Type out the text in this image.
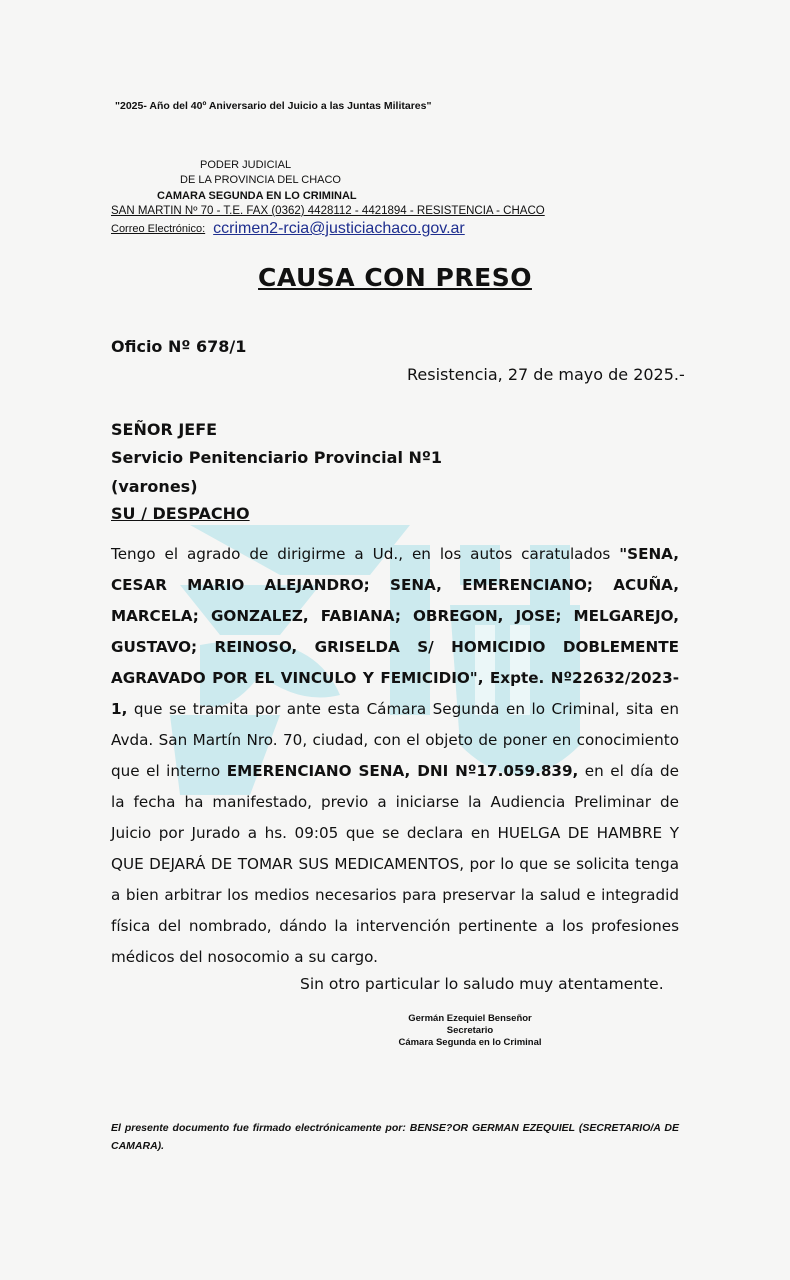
"2025- Año del 40º Aniversario del Juicio a las Juntas Militares"
PODER JUDICIAL
DE LA PROVINCIA DEL CHACO
CAMARA SEGUNDA EN LO CRIMINAL
SAN MARTIN Nº 70 - T.E. FAX (0362) 4428112 - 4421894 - RESISTENCIA - CHACO
Correo Electrónico: ccrimen2-rcia@justiciachaco.gov.ar
CAUSA CON PRESO
Oficio Nº 678/1
Resistencia, 27 de mayo de 2025.-
SEÑOR JEFE
Servicio Penitenciario Provincial Nº1
(varones)
SU / DESPACHO
Tengo el agrado de dirigirme a Ud., en los autos caratulados "SENA, CESAR MARIO ALEJANDRO; SENA, EMERENCIANO; ACUÑA, MARCELA; GONZALEZ, FABIANA; OBREGON, JOSE; MELGAREJO, GUSTAVO; REINOSO, GRISELDA S/ HOMICIDIO DOBLEMENTE AGRAVADO POR EL VINCULO Y FEMICIDIO", Expte. Nº22632/2023-1, que se tramita por ante esta Cámara Segunda en lo Criminal, sita en Avda. San Martín Nro. 70, ciudad, con el objeto de poner en conocimiento que el interno EMERENCIANO SENA, DNI Nº17.059.839, en el día de la fecha ha manifestado, previo a iniciarse la Audiencia Preliminar de Juicio por Jurado a hs. 09:05 que se declara en HUELGA DE HAMBRE Y QUE DEJARÁ DE TOMAR SUS MEDICAMENTOS, por lo que se solicita tenga a bien arbitrar los medios necesarios para preservar la salud e integradid física del nombrado, dándo la intervención pertinente a los profesiones médicos del nosocomio a su cargo.
Sin otro particular lo saludo muy atentamente.
Germán Ezequiel Benseñor
Secretario
Cámara Segunda en lo Criminal
El presente documento fue firmado electrónicamente por: BENSE?OR GERMAN EZEQUIEL (SECRETARIO/A DE CAMARA).
